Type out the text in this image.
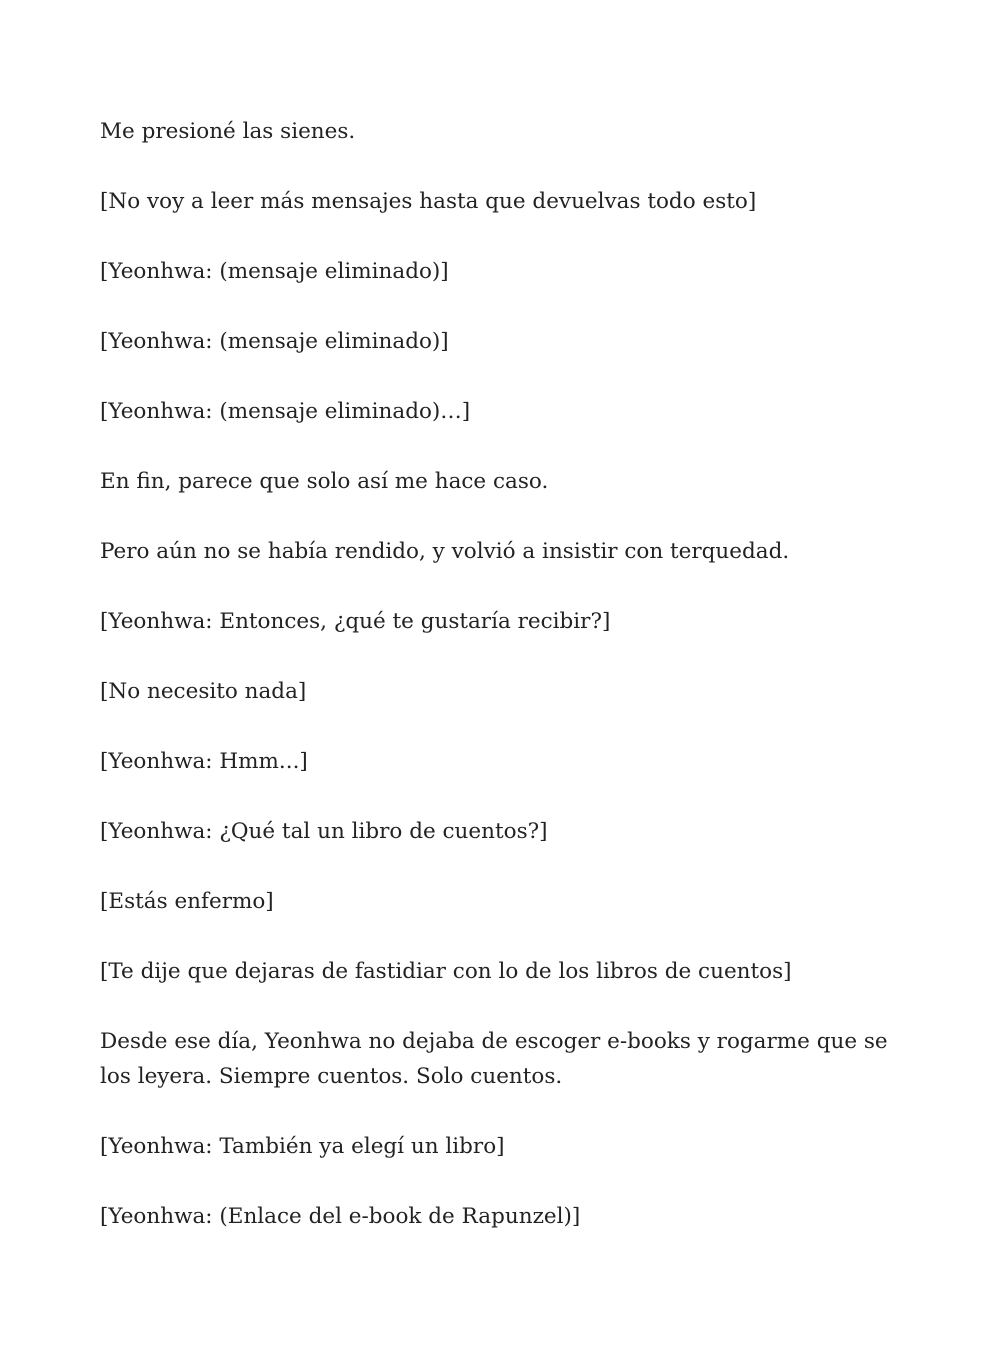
Me presioné las sienes.

[No voy a leer más mensajes hasta que devuelvas todo esto]

[Yeonhwa: (mensaje eliminado)]

[Yeonhwa: (mensaje eliminado)]

[Yeonhwa: (mensaje eliminado)…]

En fin, parece que solo así me hace caso.

Pero aún no se había rendido, y volvió a insistir con terquedad.

[Yeonhwa: Entonces, ¿qué te gustaría recibir?]

[No necesito nada]

[Yeonhwa: Hmm...]

[Yeonhwa: ¿Qué tal un libro de cuentos?]

[Estás enfermo]

[Te dije que dejaras de fastidiar con lo de los libros de cuentos]

Desde ese día, Yeonhwa no dejaba de escoger e-books y rogarme que se los leyera. Siempre cuentos. Solo cuentos.

[Yeonhwa: También ya elegí un libro]

[Yeonhwa: (Enlace del e-book de Rapunzel)]
